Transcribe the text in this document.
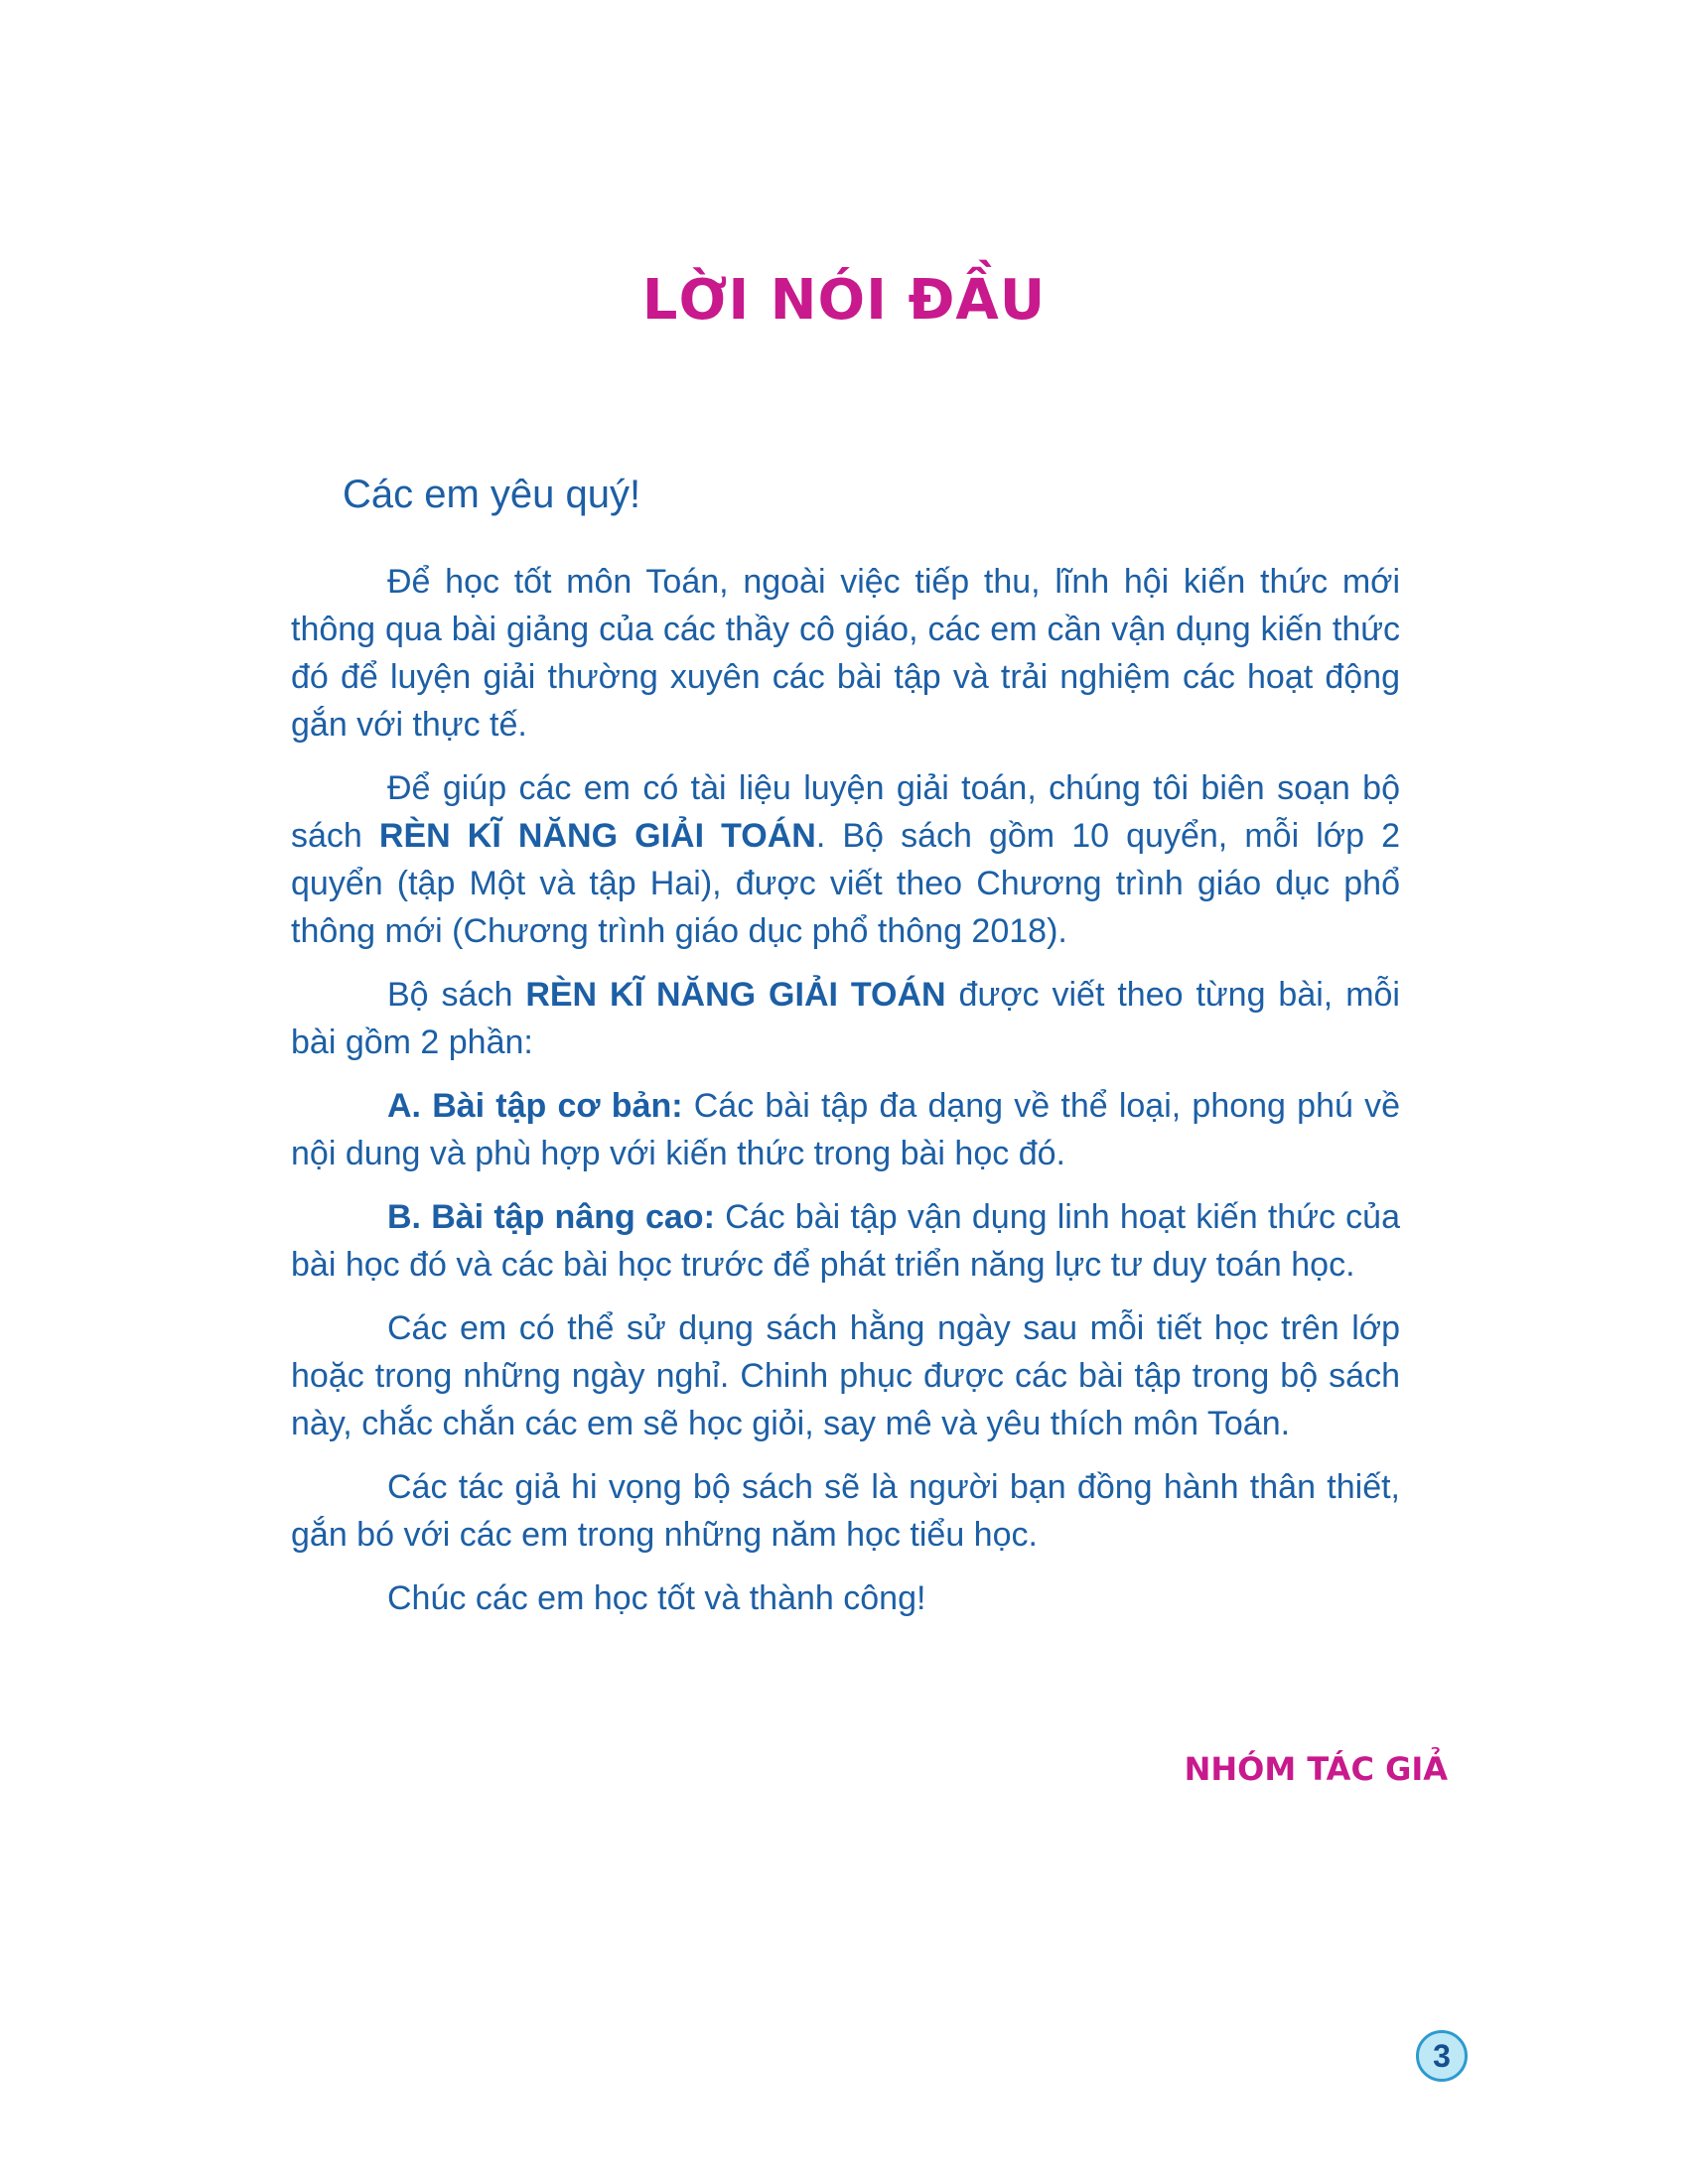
LỜI NÓI ĐẦU

Các em yêu quý!

Để học tốt môn Toán, ngoài việc tiếp thu, lĩnh hội kiến thức mới thông qua bài giảng của các thầy cô giáo, các em cần vận dụng kiến thức đó để luyện giải thường xuyên các bài tập và trải nghiệm các hoạt động gắn với thực tế.

Để giúp các em có tài liệu luyện giải toán, chúng tôi biên soạn bộ sách RÈN KĨ NĂNG GIẢI TOÁN. Bộ sách gồm 10 quyển, mỗi lớp 2 quyển (tập Một và tập Hai), được viết theo Chương trình giáo dục phổ thông mới (Chương trình giáo dục phổ thông 2018).

Bộ sách RÈN KĨ NĂNG GIẢI TOÁN được viết theo từng bài, mỗi bài gồm 2 phần:

A. Bài tập cơ bản: Các bài tập đa dạng về thể loại, phong phú về nội dung và phù hợp với kiến thức trong bài học đó.

B. Bài tập nâng cao: Các bài tập vận dụng linh hoạt kiến thức của bài học đó và các bài học trước để phát triển năng lực tư duy toán học.

Các em có thể sử dụng sách hằng ngày sau mỗi tiết học trên lớp hoặc trong những ngày nghỉ. Chinh phục được các bài tập trong bộ sách này, chắc chắn các em sẽ học giỏi, say mê và yêu thích môn Toán.

Các tác giả hi vọng bộ sách sẽ là người bạn đồng hành thân thiết, gắn bó với các em trong những năm học tiểu học.

Chúc các em học tốt và thành công!

NHÓM TÁC GIẢ

3
